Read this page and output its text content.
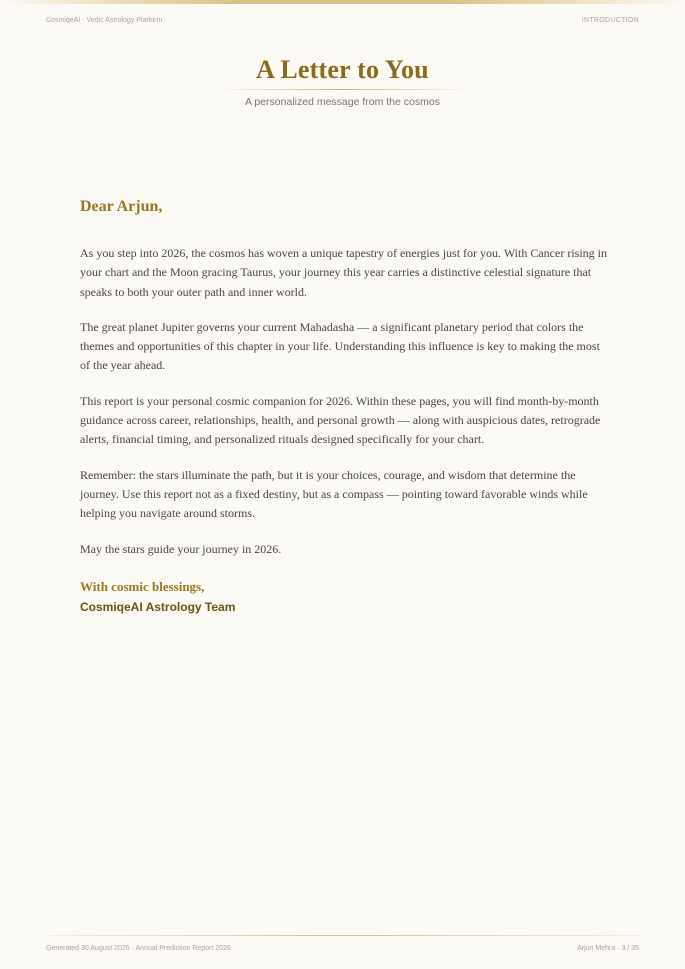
CosmiqeAI · Vedic Astrology Platform	INTRODUCTION
A Letter to You
A personalized message from the cosmos

Dear Arjun,

As you step into 2026, the cosmos has woven a unique tapestry of energies just for you. With Cancer rising in your chart and the Moon gracing Taurus, your journey this year carries a distinctive celestial signature that speaks to both your outer path and inner world.

The great planet Jupiter governs your current Mahadasha — a significant planetary period that colors the themes and opportunities of this chapter in your life. Understanding this influence is key to making the most of the year ahead.

This report is your personal cosmic companion for 2026. Within these pages, you will find month-by-month guidance across career, relationships, health, and personal growth — along with auspicious dates, retrograde alerts, financial timing, and personalized rituals designed specifically for your chart.

Remember: the stars illuminate the path, but it is your choices, courage, and wisdom that determine the journey. Use this report not as a fixed destiny, but as a compass — pointing toward favorable winds while helping you navigate around storms.

May the stars guide your journey in 2026.

With cosmic blessings,

CosmiqeAI Astrology Team
Generated 30 August 2026 · Annual Prediction Report 2026	Arjun Mehra · 3 / 35
